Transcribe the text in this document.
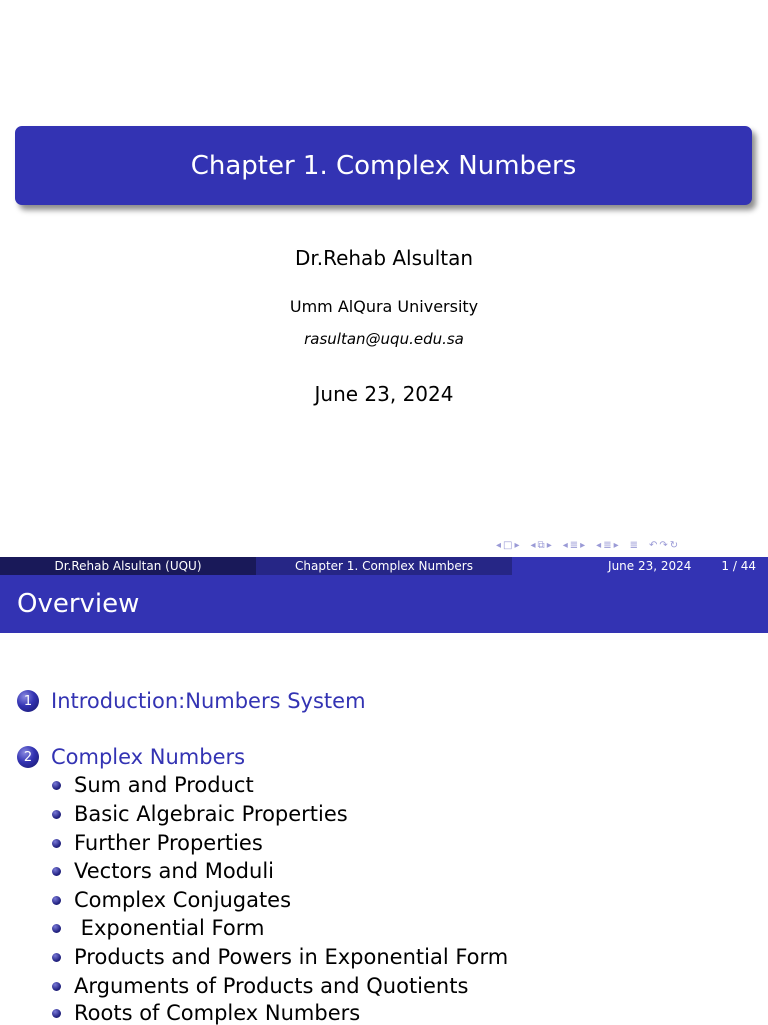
Chapter 1. Complex Numbers
Dr.Rehab Alsultan
Umm AlQura University
rasultan@uqu.edu.sa
June 23, 2024
◂ □ ▸ ◂ ⧉ ▸ ◂ ≣ ▸ ◂ ≣ ▸ ≣ ↶ ↷ ↻
Dr.Rehab Alsultan (UQU)	Chapter 1. Complex Numbers	June 23, 2024	1 / 44
Overview
1 Introduction:Numbers System
2 Complex Numbers
Sum and Product
Basic Algebraic Properties
Further Properties
Vectors and Moduli
Complex Conjugates
Exponential Form
Products and Powers in Exponential Form
Arguments of Products and Quotients
Roots of Complex Numbers
